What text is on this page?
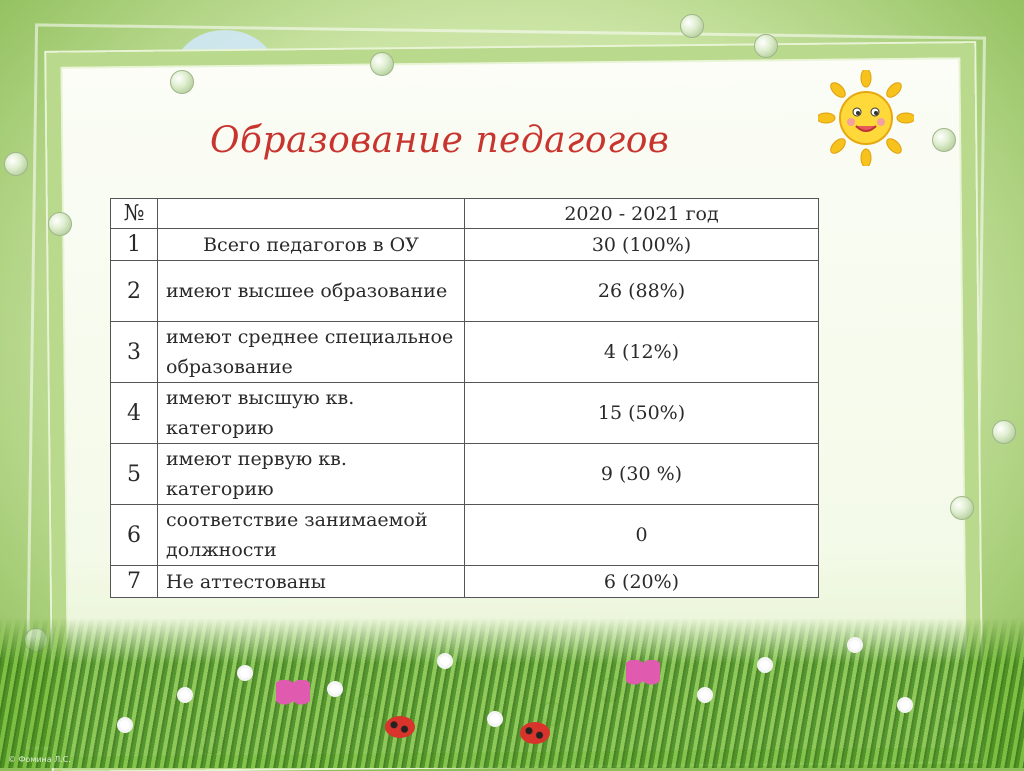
Образование педагогов
№		2020 - 2021 год
1	Всего педагогов в ОУ	30 (100%)
2	имеют высшее образование	26 (88%)
3	имеют среднее специальное образование	4 (12%)
4	имеют высшую кв. категорию	15 (50%)
5	имеют первую кв. категорию	9 (30 %)
6	соответствие занимаемой должности	0
7	Не аттестованы	6 (20%)
© Фоминa Л.С.
